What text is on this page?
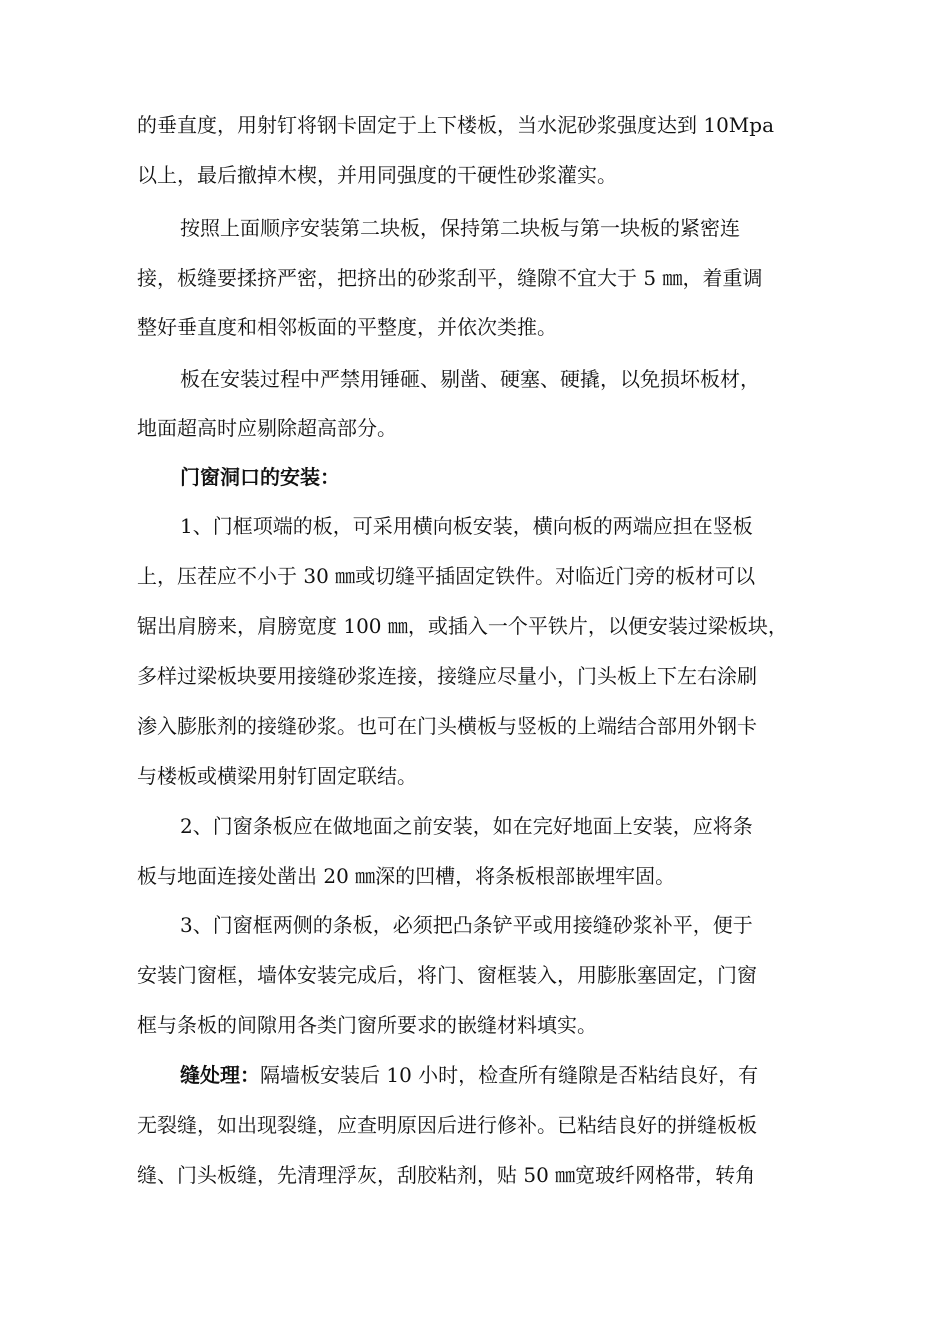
的垂直度，用射钉将钢卡固定于上下楼板，当水泥砂浆强度达到 10Mpa
以上，最后撤掉木楔，并用同强度的干硬性砂浆灌实。
按照上面顺序安装第二块板，保持第二块板与第一块板的紧密连
接，板缝要揉挤严密，把挤出的砂浆刮平，缝隙不宜大于 5 ㎜，着重调
整好垂直度和相邻板面的平整度，并依次类推。
板在安装过程中严禁用锤砸、剔凿、硬塞、硬撬，以免损坏板材，
地面超高时应剔除超高部分。
门窗洞口的安装：
1、门框项端的板，可采用横向板安装，横向板的两端应担在竖板
上，压茬应不小于 30 ㎜或切缝平插固定铁件。对临近门旁的板材可以
锯出肩膀来，肩膀宽度 100 ㎜，或插入一个平铁片，以便安装过梁板块，
多样过梁板块要用接缝砂浆连接，接缝应尽量小，门头板上下左右涂刷
渗入膨胀剂的接缝砂浆。也可在门头横板与竖板的上端结合部用外钢卡
与楼板或横梁用射钉固定联结。
2、门窗条板应在做地面之前安装，如在完好地面上安装，应将条
板与地面连接处凿出 20 ㎜深的凹槽，将条板根部嵌埋牢固。
3、门窗框两侧的条板，必须把凸条铲平或用接缝砂浆补平，便于
安装门窗框，墙体安装完成后，将门、窗框装入，用膨胀塞固定，门窗
框与条板的间隙用各类门窗所要求的嵌缝材料填实。
缝处理：隔墙板安装后 10 小时，检查所有缝隙是否粘结良好，有
无裂缝，如出现裂缝，应查明原因后进行修补。已粘结良好的拼缝板板
缝、门头板缝，先清理浮灰，刮胶粘剂，贴 50 ㎜宽玻纤网格带，转角
